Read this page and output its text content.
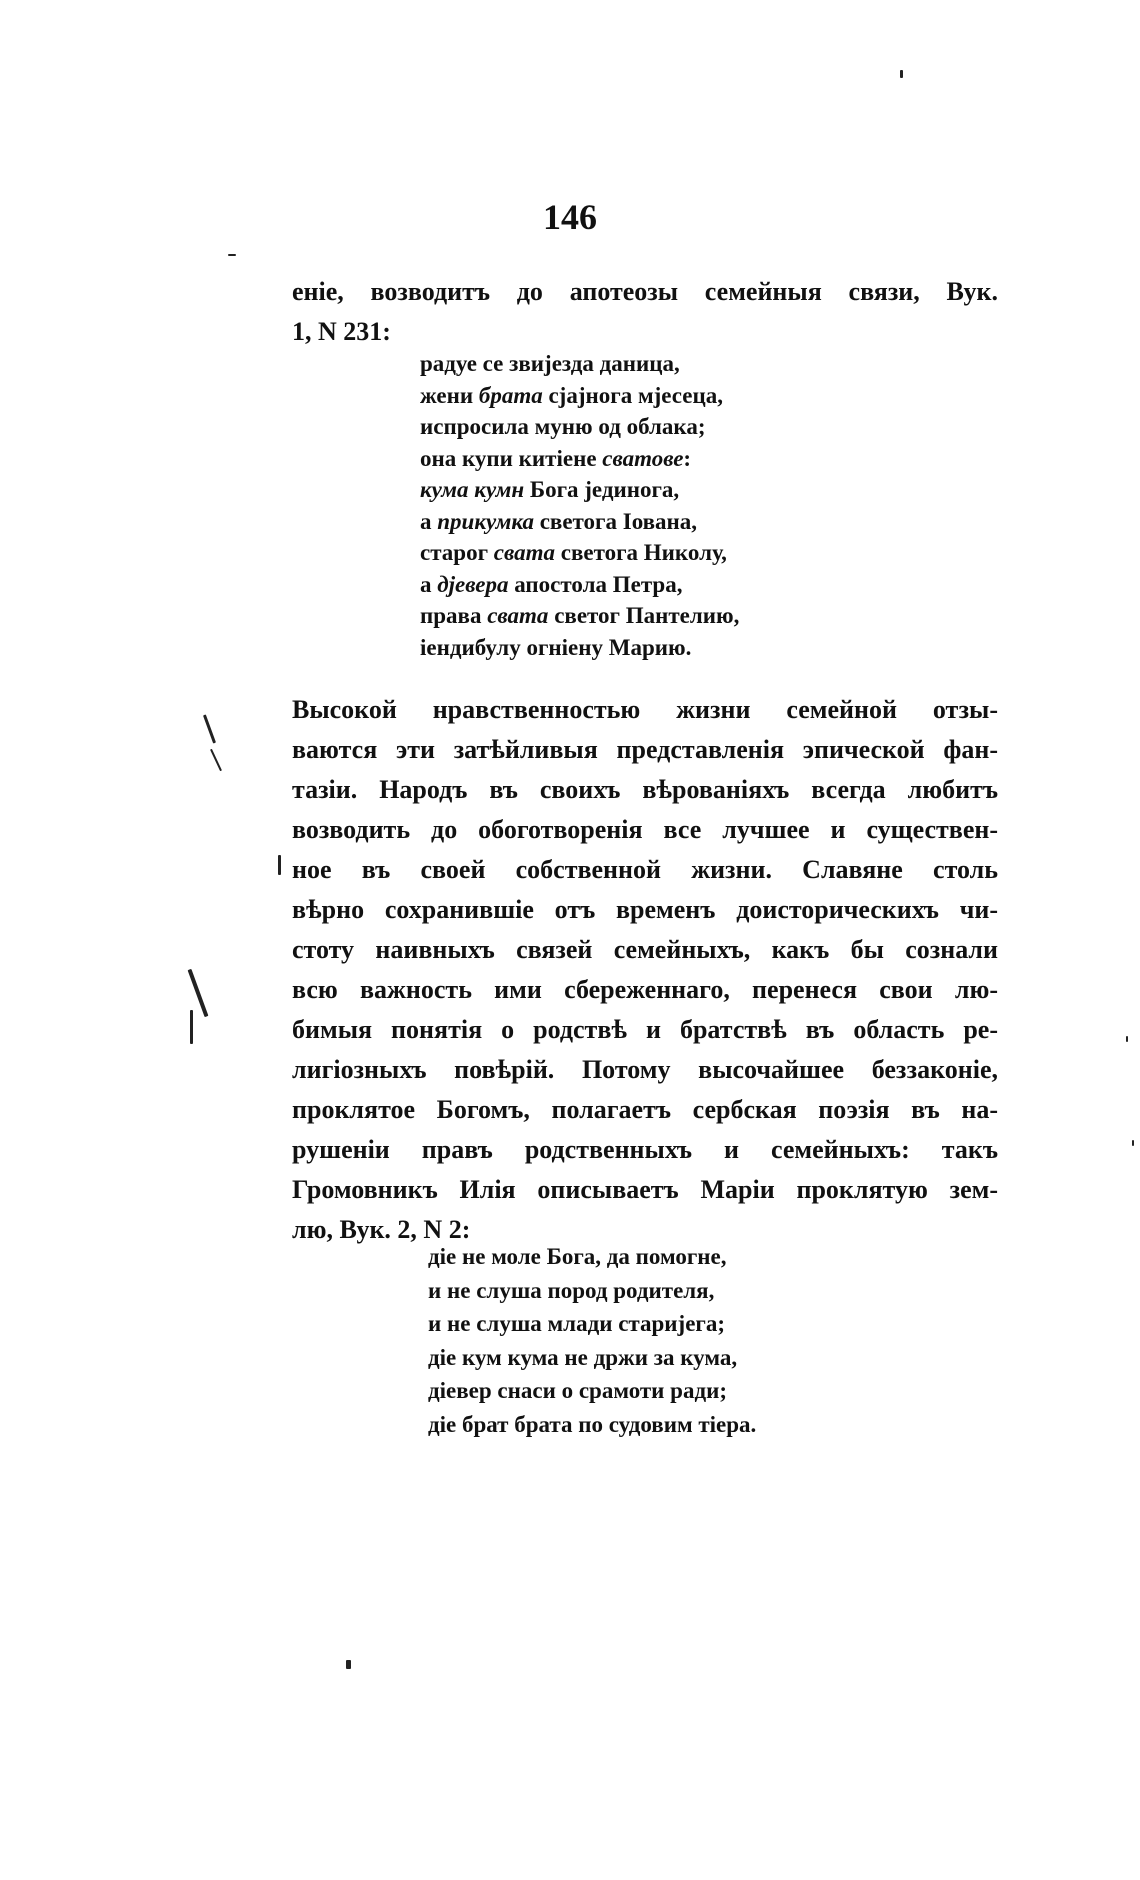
146
еніе, возводитъ до апотеозы семейныя связи, Вук.
1, N 231:
радуе се звијезда даница,
жени брата сјајнога мјесеца,
испросила муню од облака;
она купи китіене сватове:
кума кумн Бога јединога,
а прикумка светога Іована,
старог свата светога Николу,
а дјевера апостола Петра,
права свата светог Пантелию,
іендибулу огніену Марию.
Высокой нравственностью жизни семейной отзы-
ваются эти затѣйливыя представленія эпической фан-
тазіи. Народъ въ своихъ вѣрованіяхъ всегда любитъ
возводить до обоготворенія все лучшее и существен-
ное въ своей собственной жизни. Славяне столь
вѣрно сохранившіе отъ временъ доисторическихъ чи-
стоту наивныхъ связей семейныхъ, какъ бы сознали
всю важность ими сбереженнаго, перенеся свои лю-
бимыя понятія о родствѣ и братствѣ въ область ре-
лигіозныхъ повѣрій. Потому высочайшее беззаконіе,
проклятое Богомъ, полагаетъ сербская поэзія въ на-
рушеніи правъ родственныхъ и семейныхъ: такъ
Громовникъ Илія описываетъ Маріи проклятую зем-
лю, Вук. 2, N 2:
діе не моле Бога, да помогне,
и не слуша пород родителя,
и не слуша млади старијега;
діе кум кума не држи за кума,
діевер снаси о срамоти ради;
діе брат брата по судовим тіера.
